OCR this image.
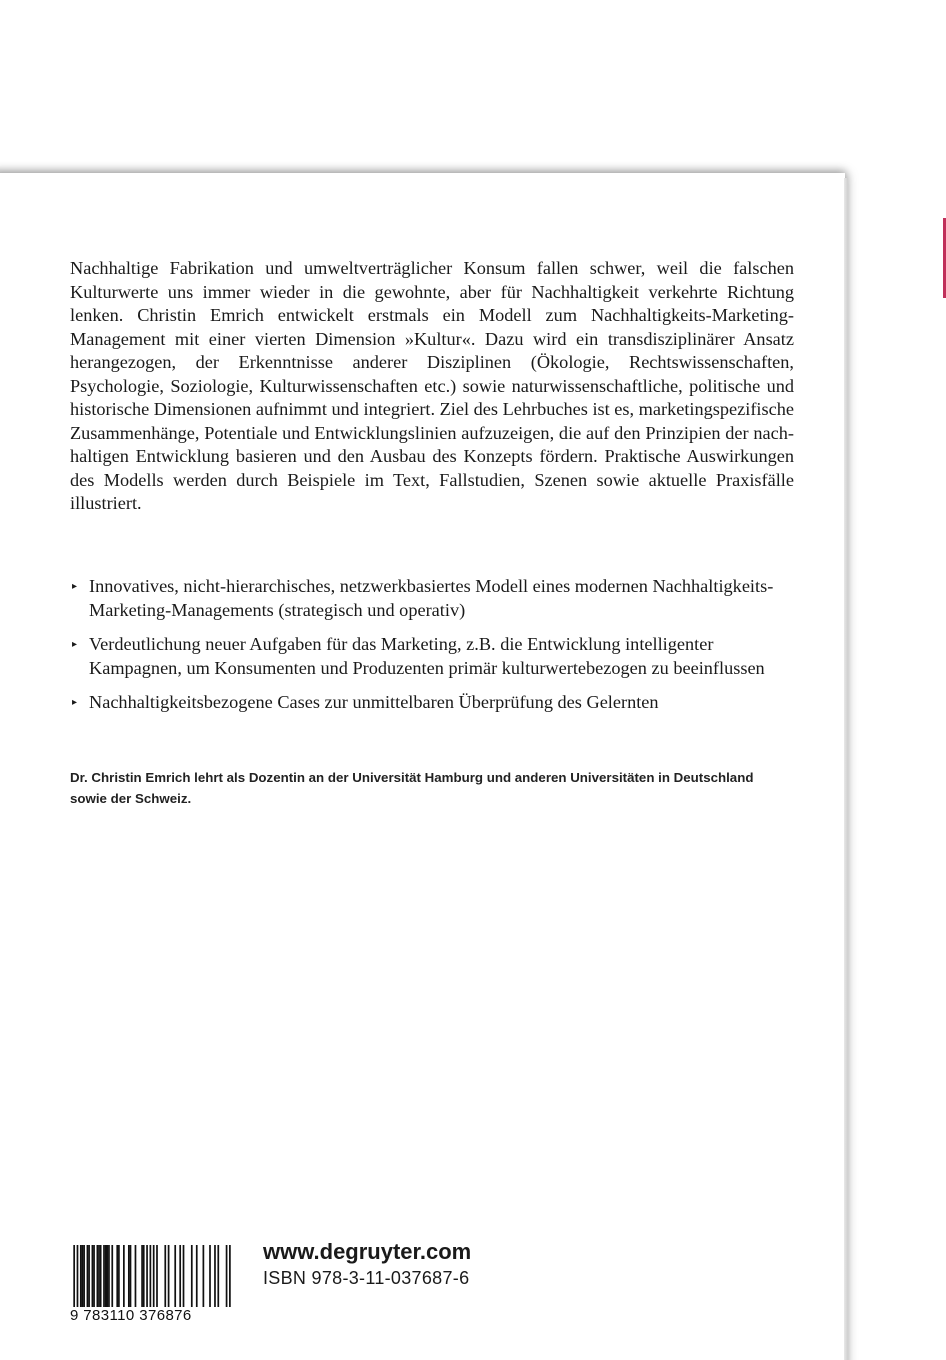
Nachhaltige Fabrikation und umweltverträglicher Konsum fallen schwer, weil die falschen Kulturwerte uns immer wieder in die gewohnte, aber für Nachhaltigkeit verkehrte Richtung lenken. Christin Emrich entwickelt erstmals ein Modell zum Nachhaltigkeits-Marketing-Management mit einer vierten Dimension »Kultur«. Dazu wird ein transdisziplinärer Ansatz herangezogen, der Erkenntnisse anderer Disziplinen (Ökologie, Rechtswissenschaften, Psychologie, Soziologie, Kulturwissenschaften etc.) sowie naturwissenschaftliche, politische und historische Dimensionen aufnimmt und integriert. Ziel des Lehrbuches ist es, marketingspezifische Zusammenhänge, Potentiale und Entwicklungslinien aufzuzeigen, die auf den Prinzipien der nachhaltigen Entwicklung basieren und den Ausbau des Konzepts fördern. Praktische Auswirkungen des Modells werden durch Beispiele im Text, Fallstudien, Szenen sowie aktuelle Praxisfälle illustriert.

▸ Innovatives, nicht-hierarchisches, netzwerkbasiertes Modell eines modernen Nachhaltigkeits-Marketing-Managements (strategisch und operativ)
▸ Verdeutlichung neuer Aufgaben für das Marketing, z.B. die Entwicklung intelligenter Kampagnen, um Konsumenten und Produzenten primär kulturwertebezogen zu beeinflussen
▸ Nachhaltigkeitsbezogene Cases zur unmittelbaren Überprüfung des Gelernten

Dr. Christin Emrich lehrt als Dozentin an der Universität Hamburg und anderen Universitäten in Deutschland sowie der Schweiz.

9 783110 376876
www.degruyter.com
ISBN 978-3-11-037687-6
